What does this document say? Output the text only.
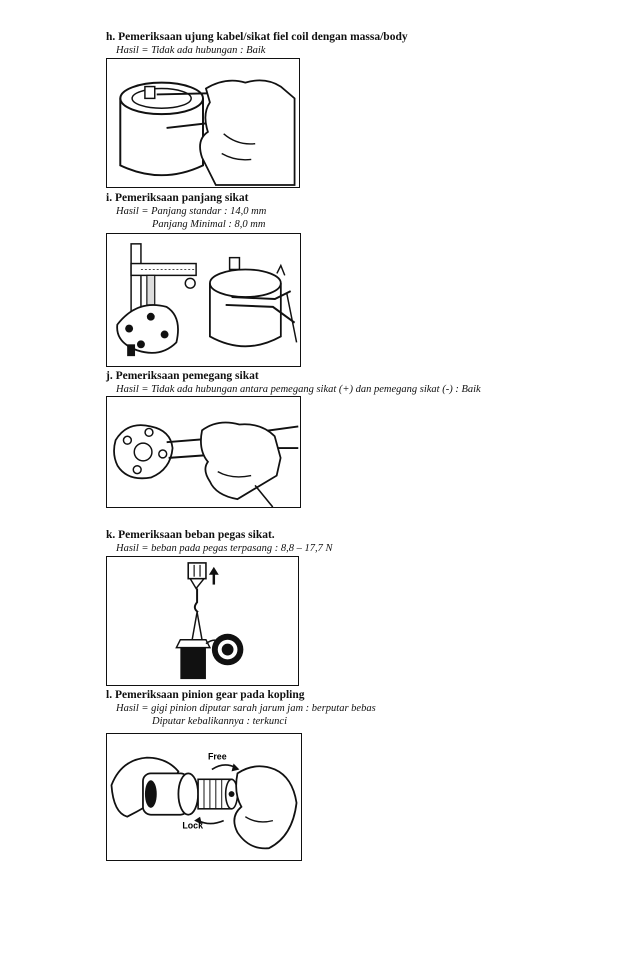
h. Pemeriksaan ujung kabel/sikat fiel coil dengan massa/body
Hasil = Tidak ada hubungan : Baik
i. Pemeriksaan panjang sikat
Hasil = Panjang standar : 14,0 mm
Panjang Minimal : 8,0 mm
j. Pemeriksaan pemegang sikat
Hasil = Tidak ada hubungan antara pemegang sikat (+) dan pemegang sikat (-) : Baik
k. Pemeriksaan beban pegas sikat.
Hasil = beban pada pegas terpasang : 8,8 – 17,7 N
l. Pemeriksaan pinion gear pada kopling
Hasil = gigi pinion diputar sarah jarum jam : berputar bebas
Diputar kebalikannya : terkunci
Free
Lock
